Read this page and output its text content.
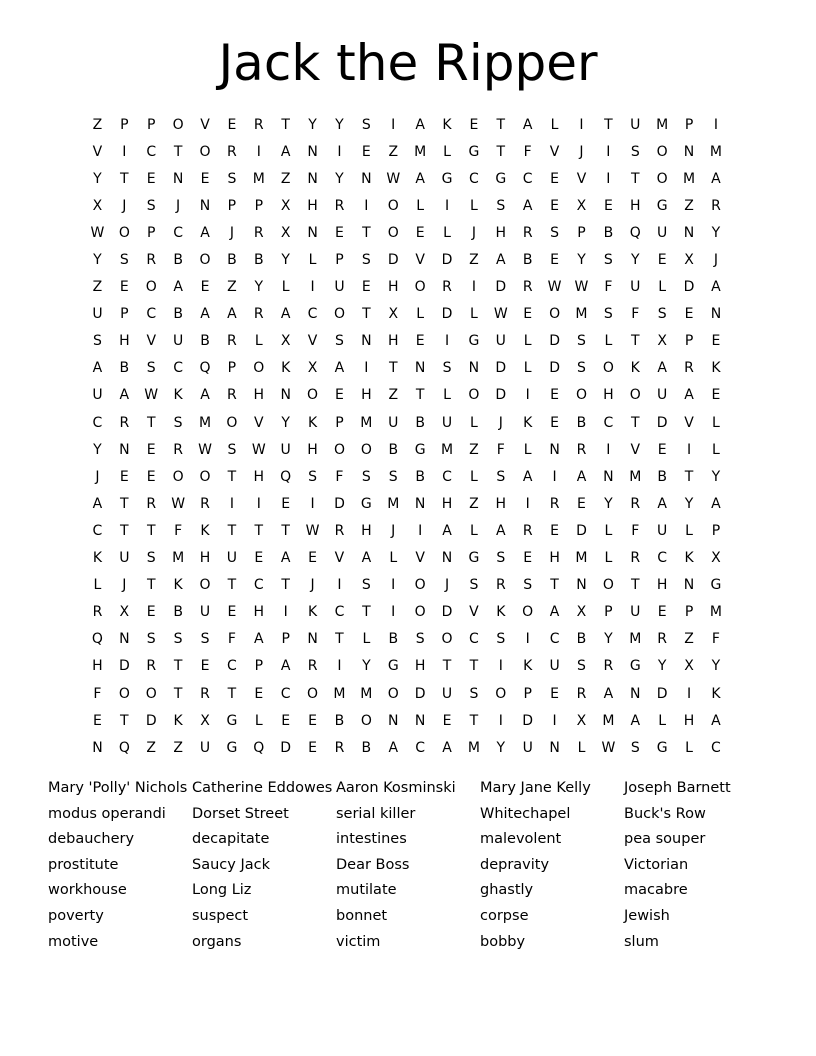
Jack the Ripper
Z	P	P	O	V	E	R	T	Y	Y	S	I	A	K	E	T	A	L	I	T	U	M	P	I
V	I	C	T	O	R	I	A	N	I	E	Z	M	L	G	T	F	V	J	I	S	O	N	M
Y	T	E	N	E	S	M	Z	N	Y	N	W	A	G	C	G	C	E	V	I	T	O	M	A
X	J	S	J	N	P	P	X	H	R	I	O	L	I	L	S	A	E	X	E	H	G	Z	R
W	O	P	C	A	J	R	X	N	E	T	O	E	L	J	H	R	S	P	B	Q	U	N	Y
Y	S	R	B	O	B	B	Y	L	P	S	D	V	D	Z	A	B	E	Y	S	Y	E	X	J
Z	E	O	A	E	Z	Y	L	I	U	E	H	O	R	I	D	R	W W	F	U	L	D	A
U	P	C	B	A	A	R	A	C	O	T	X	L	D	L	W	E	O	M	S	F	S	E	N
S	H	V	U	B	R	L	X	V	S	N	H	E	I	G	U	L	D	S	L	T	X	P	E
A	B	S	C	Q	P	O	K	X	A	I	T	N	S	N	D	L	D	S	O	K	A	R	K
U	A	W	K	A	R	H	N	O	E	H	Z	T	L	O	D	I	E	O	H	O	U	A	E
C	R	T	S	M	O	V	Y	K	P	M	U	B	U	L	J	K	E	B	C	T	D	V	L
Y	N	E	R	W	S	W	U	H	O	O	B	G	M	Z	F	L	N	R	I	V	E	I	L
J	E	E	O	O	T	H	Q	S	F	S	S	B	C	L	S	A	I	A	N	M	B	T	Y
A	T	R	W	R	I	I	E	I	D	G	M	N	H	Z	H	I	R	E	Y	R	A	Y	A
C	T	T	F	K	T	T	T	W	R	H	J	I	A	L	A	R	E	D	L	F	U	L	P
K	U	S	M	H	U	E	A	E	V	A	L	V	N	G	S	E	H	M	L	R	C	K	X
L	J	T	K	O	T	C	T	J	I	S	I	O	J	S	R	S	T	N	O	T	H	N	G
R	X	E	B	U	E	H	I	K	C	T	I	O	D	V	K	O	A	X	P	U	E	P	M
Q	N	S	S	S	F	A	P	N	T	L	B	S	O	C	S	I	C	B	Y	M	R	Z	F
H	D	R	T	E	C	P	A	R	I	Y	G	H	T	T	I	K	U	S	R	G	Y	X	Y
F	O	O	T	R	T	E	C	O	M	M	O	D	U	S	O	P	E	R	A	N	D	I	K
E	T	D	K	X	G	L	E	E	B	O	N	N	E	T	I	D	I	X	M	A	L	H	A
N	Q	Z	Z	U	G	Q	D	E	R	B	A	C	A	M	Y	U	N	L	W	S	G	L	C
Mary 'Polly' Nichols
modus operandi
debauchery
prostitute
workhouse
poverty
motive
Catherine Eddowes
Dorset Street
decapitate
Saucy Jack
Long Liz
suspect
organs
Aaron Kosminski
serial killer
intestines
Dear Boss
mutilate
bonnet
victim
Mary Jane Kelly
Whitechapel
malevolent
depravity
ghastly
corpse
bobby
Joseph Barnett
Buck's Row
pea souper
Victorian
macabre
Jewish
slum
